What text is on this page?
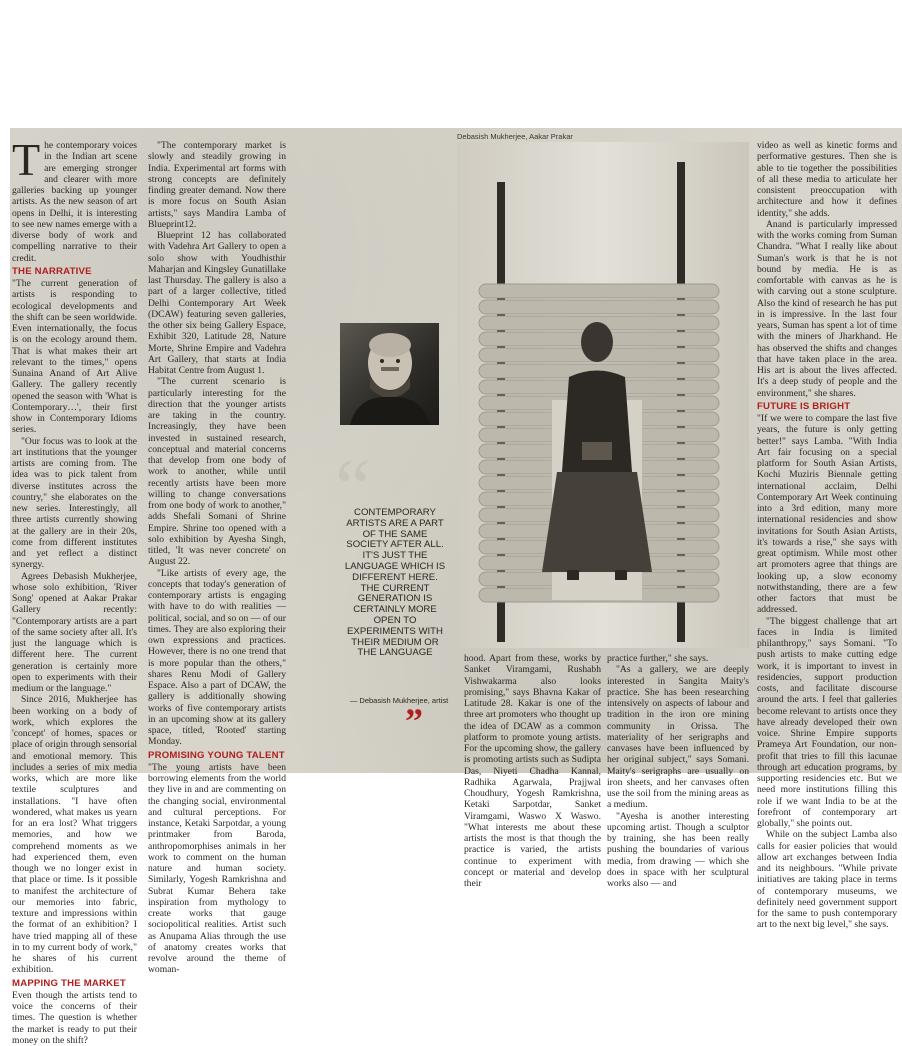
The contemporary voices in the Indian art scene are emerging stronger and clearer with more galleries backing up younger artists. As the new season of art opens in Delhi, it is interesting to see new names emerge with a diverse body of work and compelling narrative to their credit.

THE NARRATIVE

"The current generation of artists is responding to ecological developments and the shift can be seen worldwide. Even internationally, the focus is on the ecology around them. That is what makes their art relevant to the times," opens Sunaina Anand of Art Alive Gallery. The gallery recently opened the season with 'What is Contemporary…', their first show in Contemporary Idioms series.

"Our focus was to look at the art institutions that the younger artists are coming from. The idea was to pick talent from diverse institutes across the country," she elaborates on the new series. Interestingly, all three artists currently showing at the gallery are in their 20s, come from different institutes and yet reflect a distinct synergy.

Agrees Debasish Mukherjee, whose solo exhibition, 'River Song' opened at Aakar Prakar Gallery recently: "Contemporary artists are a part of the same society after all. It's just the language which is different here. The current generation is certainly more open to experiments with their medium or the language."

Since 2016, Mukherjee has been working on a body of work, which explores the 'concept' of homes, spaces or place of origin through sensorial and emotional memory. This includes a series of mix media works, which are more like textile sculptures and installations. "I have often wondered, what makes us yearn for an era lost? What triggers memories, and how we comprehend moments as we had experienced them, even though we no longer exist in that place or time. Is it possible to manifest the architecture of our memories into fabric, texture and impressions within the format of an exhibition? I have tried mapping all of these in to my current body of work," he shares of his current exhibition.

MAPPING THE MARKET

Even though the artists tend to voice the concerns of their times. The question is whether the market is ready to put their money on the shift?

"The contemporary market is slowly and steadily growing in India. Experimental art forms with strong concepts are definitely finding greater demand. Now there is more focus on South Asian artists," says Mandira Lamba of Blueprint12.

Blueprint 12 has collaborated with Vadehra Art Gallery to open a solo show with Youdhisthir Maharjan and Kingsley Gunatillake last Thursday. The gallery is also a part of a larger collective, titled Delhi Contemporary Art Week (DCAW) featuring seven galleries, the other six being Gallery Espace, Exhibit 320, Latitude 28, Nature Morte, Shrine Empire and Vadehra Art Gallery, that starts at India Habitat Centre from August 1.

"The current scenario is particularly interesting for the direction that the younger artists are taking in the country. Increasingly, they have been invested in sustained research, conceptual and material concerns that develop from one body of work to another, while until recently artists have been more willing to change conversations from one body of work to another," adds Shefali Somani of Shrine Empire. Shrine too opened with a solo exhibition by Ayesha Singh, titled, 'It was never concrete' on August 22.

"Like artists of every age, the concepts that today's generation of contemporary artists is engaging with have to do with realities — political, social, and so on — of our times. They are also exploring their own expressions and practices. However, there is no one trend that is more popular than the others," shares Renu Modi of Gallery Espace. Also a part of DCAW, the gallery is additionally showing works of five contemporary artists in an upcoming show at its gallery space, titled, 'Rooted' starting Monday.

PROMISING YOUNG TALENT

"The young artists have been borrowing elements from the world they live in and are commenting on the changing social, environmental and cultural perceptions. For instance, Ketaki Sarpotdar, a young printmaker from Baroda, anthropomorphises animals in her work to comment on the human nature and human society. Similarly, Yogesh Ramkrishna and Subrat Kumar Behera take inspiration from mythology to create works that gauge sociopolitical realities. Artist such as Anupama Alias through the use of anatomy creates works that revolve around the theme of woman-

“
CONTEMPORARY ARTISTS ARE A PART OF THE SAME SOCIETY AFTER ALL. IT'S JUST THE LANGUAGE WHICH IS DIFFERENT HERE. THE CURRENT GENERATION IS CERTAINLY MORE OPEN TO EXPERIMENTS WITH THEIR MEDIUM OR THE LANGUAGE
— Debasish Mukherjee, artist
”
Debasish Mukherjee, Aakar Prakar

hood. Apart from these, works by Sanket Viramgami, Rushabh Vishwakarma also looks promising," says Bhavna Kakar of Latitude 28. Kakar is one of the three art promoters who thought up the idea of DCAW as a common platform to promote young artists. For the upcoming show, the gallery is promoting artists such as Sudipta Das, Niyeti Chadha Kannal, Radhika Agarwala, Prajjwal Choudhury, Yogesh Ramkrishna, Ketaki Sarpotdar, Sanket Viramgami, Waswo X Waswo. "What interests me about these artists the most is that though the practice is varied, the artists continue to experiment with concept or material and develop their

practice further," she says.

"As a gallery, we are deeply interested in Sangita Maity's practice. She has been researching intensively on aspects of labour and tradition in the iron ore mining community in Orissa. The materiality of her serigraphs and canvases have been influenced by her original subject," says Somani. Maity's serigraphs are usually on iron sheets, and her canvases often use the soil from the mining areas as a medium.

"Ayesha is another interesting upcoming artist. Though a sculptor by training, she has been really pushing the boundaries of various media, from drawing — which she does in space with her sculptural works also — and

video as well as kinetic forms and performative gestures. Then she is able to tie together the possibilities of all these media to articulate her consistent preoccupation with architecture and how it defines identity," she adds.

Anand is particularly impressed with the works coming from Suman Chandra. "What I really like about Suman's work is that he is not bound by media. He is as comfortable with canvas as he is with carving out a stone sculpture. Also the kind of research he has put in is impressive. In the last four years, Suman has spent a lot of time with the miners of Jharkhand. He has observed the shifts and changes that have taken place in the area. His art is about the lives affected. It's a deep study of people and the environment," she shares.

FUTURE IS BRIGHT

"If we were to compare the last five years, the future is only getting better!" says Lamba. "With India Art fair focusing on a special platform for South Asian Artists, Kochi Muziris Biennale getting international acclaim, Delhi Contemporary Art Week continuing into a 3rd edition, many more international residencies and show invitations for South Asian Artists, it's towards a rise," she says with great optimism. While most other art promoters agree that things are looking up, a slow economy notwithstanding, there are a few other factors that must be addressed.

"The biggest challenge that art faces in India is limited philanthropy," says Somani. "To push artists to make cutting edge work, it is important to invest in residencies, support production costs, and facilitate discourse around the arts. I feel that galleries become relevant to artists once they have already developed their own voice. Shrine Empire supports Prameya Art Foundation, our non-profit that tries to fill this lacunae through art education programs, by supporting residencies etc. But we need more institutions filling this role if we want India to be at the forefront of contemporary art globally," she points out.

While on the subject Lamba also calls for easier policies that would allow art exchanges between India and its neighbours. "While private initiatives are taking place in terms of contemporary museums, we definitely need government support for the same to push contemporary art to the next big level," she says.
